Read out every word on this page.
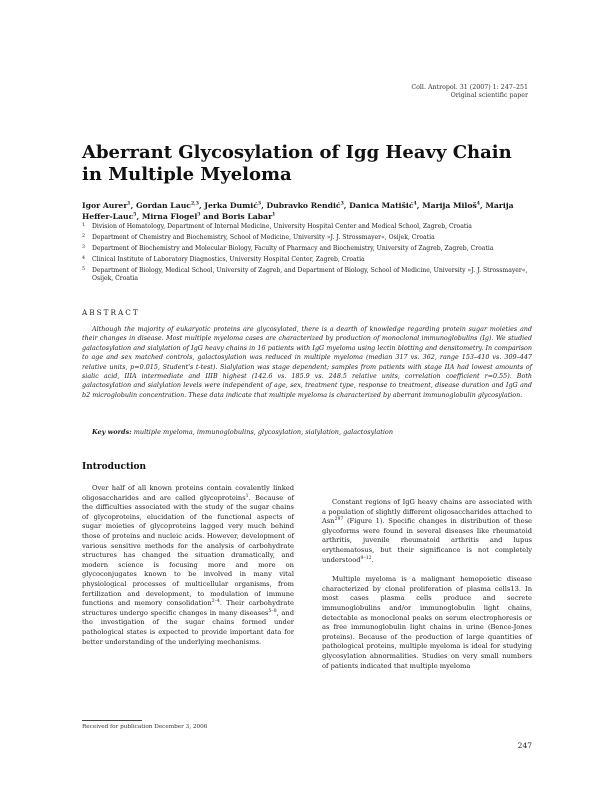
Coll. Antropol. 31 (2007) 1: 247–251
Original scientific paper
Aberrant Glycosylation of Igg Heavy Chain in Multiple Myeloma
Igor Aurer$^1$, Gordan Lauc$^{2,3}$, Jerka Dumić$^3$, Dubravko Rendić$^3$, Danica Matišić$^4$, Marija Miloš$^4$, Marija Heffer-Lauc$^5$, Mirna Flogel$^3$ and Boris Labar$^1$
1 Division of Hematology, Department of Internal Medicine, University Hospital Center and Medical School, Zagreb, Croatia
2 Department of Chemistry and Biochemistry, School of Medicine, University »J. J. Strossmayer«, Osijek, Croatia
3 Department of Biochemistry and Molecular Biology, Faculty of Pharmacy and Biochemistry, University of Zagreb, Zagreb, Croatia
4 Clinical Institute of Laboratory Diagnostics, University Hospital Center, Zagreb, Croatia
5 Department of Biology, Medical School, University of Zagreb, and Department of Biology, School of Medicine, University »J. J. Strossmayer«, Osijek, Croatia
ABSTRACT

Although the majority of eukaryotic proteins are glycosylated, there is a dearth of knowledge regarding protein sugar moieties and their changes in disease. Most multiple myeloma cases are characterized by production of monoclonal immunoglobulins (Ig). We studied galactosylation and sialylation of IgG heavy chains in 16 patients with IgG myeloma using lectin blotting and densitometry. In comparison to age and sex matched controls, galactosylation was reduced in multiple myeloma (median 317 vs. 362, range 153–410 vs. 309–447 relative units, p=0.015, Student's t-test). Sialylation was stage dependent; samples from patients with stage IIA had lowest amounts of sialic acid, IIIA intermediate and IIIB highest (142.6 vs. 185.9 vs. 248.5 relative units, correlation coefficient r=0.55). Both galactosylation and sialylation levels were independent of age, sex, treatment type, response to treatment, disease duration and IgG and b2 microglobulin concentration. These data indicate that multiple myeloma is characterized by aberrant immunoglobulin glycosylation.

Key words: multiple myeloma, immunoglobulins, glycosylation, sialylation, galactosylation
Introduction

Over half of all known proteins contain covalently linked oligosaccharides and are called glycoproteins$^1$. Because of the difficulties associated with the study of the sugar chains of glycoproteins, elucidation of the functional aspects of sugar moieties of glycoproteins lagged very much behind those of proteins and nucleic acids. However, development of various sensitive methods for the analysis of carbohydrate structures has changed the situation dramatically, and modern science is focusing more and more on glycoconjugates known to be involved in many vital physiological processes of multicellular organisms, from fertilization and development, to modulation of immune functions and memory consolidation$^{2-4}$. Their carbohydrate structures undergo specific changes in many diseases$^{5-8}$, and the investigation of the sugar chains formed under pathological states is expected to provide important data for better understanding of the underlying mechanisms.

Constant regions of IgG heavy chains are associated with a population of slightly different oligosaccharides attached to Asn$^{297}$ (Figure 1). Specific changes in distribution of these glycoforms were found in several diseases like rheumatoid arthritis, juvenile rheumatoid arthritis and lupus erythematosus, but their significance is not completely understood$^{9-12}$.

Multiple myeloma is a malignant hemopoietic disease characterized by clonal proliferation of plasma cells13. In most cases plasma cells produce and secrete immunoglobulins and/or immunoglobulin light chains, detectable as monoclonal peaks on serum electrophoresis or as free immunoglobulin light chains in urine (Bence-Jones proteins). Because of the production of large quantities of pathological proteins, multiple myeloma is ideal for studying glycosylation abnormalities. Studies on very small numbers of patients indicated that multiple myeloma

Received for publication December 3, 2006
247
